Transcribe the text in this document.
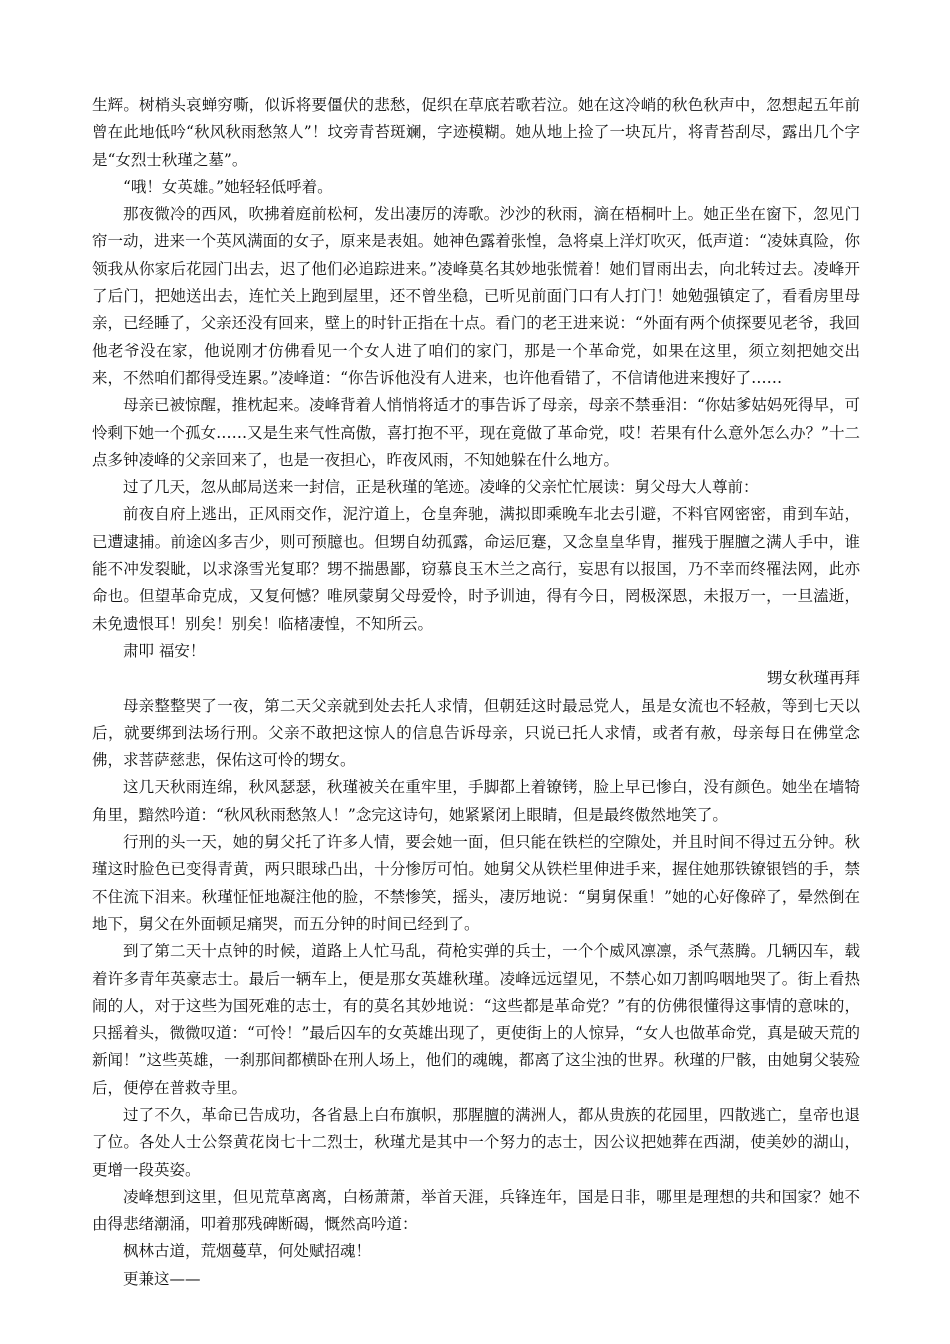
生辉。树梢头哀蝉穷嘶，似诉将要僵伏的悲愁，促织在草底若歌若泣。她在这冷峭的秋色秋声中，忽想起五年前曾在此地低吟“秋风秋雨愁煞人”！坟旁青苔斑斓，字迹模糊。她从地上捡了一块瓦片，将青苔刮尽，露出几个字是“女烈士秋瑾之墓”。

“哦！女英雄。”她轻轻低呼着。

那夜微冷的西风，吹拂着庭前松柯，发出凄厉的涛歌。沙沙的秋雨，滴在梧桐叶上。她正坐在窗下，忽见门帘一动，进来一个英风满面的女子，原来是表姐。她神色露着张惶，急将桌上洋灯吹灭，低声道：“凌妹真险，你领我从你家后花园门出去，迟了他们必追踪进来。”凌峰莫名其妙地张慌着！她们冒雨出去，向北转过去。凌峰开了后门，把她送出去，连忙关上跑到屋里，还不曾坐稳，已听见前面门口有人打门！她勉强镇定了，看看房里母亲，已经睡了，父亲还没有回来，壁上的时针正指在十点。看门的老王进来说：“外面有两个侦探要见老爷，我回他老爷没在家，他说刚才仿佛看见一个女人进了咱们的家门，那是一个革命党，如果在这里，须立刻把她交出来，不然咱们都得受连累。”凌峰道：“你告诉他没有人进来，也许他看错了，不信请他进来搜好了……

母亲已被惊醒，推枕起来。凌峰背着人悄悄将适才的事告诉了母亲，母亲不禁垂泪：“你姑爹姑妈死得早，可怜剩下她一个孤女……又是生来气性高傲，喜打抱不平，现在竟做了革命党，哎！若果有什么意外怎么办？”十二点多钟凌峰的父亲回来了，也是一夜担心，昨夜风雨，不知她躲在什么地方。

过了几天，忽从邮局送来一封信，正是秋瑾的笔迹。凌峰的父亲忙忙展读：舅父母大人尊前：

前夜自府上逃出，正风雨交作，泥泞道上，仓皇奔驰，满拟即乘晚车北去引避，不料官网密密，甫到车站，已遭逮捕。前途凶多吉少，则可预臆也。但甥自幼孤露，命运厄蹇，又念皇皇华胄，摧残于腥膻之满人手中，谁能不冲发裂眦，以求涤雪光复耶？甥不揣愚鄙，窃慕良玉木兰之高行，妄思有以报国，乃不幸而终罹法网，此亦命也。但望革命克成，又复何憾？唯夙蒙舅父母爱怜，时予训迪，得有今日，罔极深恩，未报万一，一旦溘逝，未免遗恨耳！别矣！别矣！临楮凄惶，不知所云。

肃叩 福安！

甥女秋瑾再拜

母亲整整哭了一夜，第二天父亲就到处去托人求情，但朝廷这时最忌党人，虽是女流也不轻赦，等到七天以后，就要绑到法场行刑。父亲不敢把这惊人的信息告诉母亲，只说已托人求情，或者有赦，母亲每日在佛堂念佛，求菩萨慈悲，保佑这可怜的甥女。

这几天秋雨连绵，秋风瑟瑟，秋瑾被关在重牢里，手脚都上着镣铐，脸上早已惨白，没有颜色。她坐在墙犄角里，黯然吟道：“秋风秋雨愁煞人！”念完这诗句，她紧紧闭上眼睛，但是最终傲然地笑了。

行刑的头一天，她的舅父托了许多人情，要会她一面，但只能在铁栏的空隙处，并且时间不得过五分钟。秋瑾这时脸色已变得青黄，两只眼球凸出，十分惨厉可怕。她舅父从铁栏里伸进手来，握住她那铁镣银铛的手，禁不住流下泪来。秋瑾怔怔地凝注他的脸，不禁惨笑，摇头，凄厉地说：“舅舅保重！”她的心好像碎了，晕然倒在地下，舅父在外面顿足痛哭，而五分钟的时间已经到了。

到了第二天十点钟的时候，道路上人忙马乱，荷枪实弹的兵士，一个个威风凛凛，杀气蒸腾。几辆囚车，载着许多青年英豪志士。最后一辆车上，便是那女英雄秋瑾。凌峰远远望见，不禁心如刀割呜咽地哭了。街上看热闹的人，对于这些为国死难的志士，有的莫名其妙地说：“这些都是革命党？”有的仿佛很懂得这事情的意味的，只摇着头，微微叹道：“可怜！”最后囚车的女英雄出现了，更使街上的人惊异，“女人也做革命党，真是破天荒的新闻！”这些英雄，一刹那间都横卧在刑人场上，他们的魂魄，都离了这尘浊的世界。秋瑾的尸骸，由她舅父装殓后，便停在普救寺里。

过了不久，革命已告成功，各省悬上白布旗帜，那腥膻的满洲人，都从贵族的花园里，四散逃亡，皇帝也退了位。各处人士公祭黄花岗七十二烈士，秋瑾尤是其中一个努力的志士，因公议把她葬在西湖，使美妙的湖山，更增一段英姿。

凌峰想到这里，但见荒草离离，白杨萧萧，举首天涯，兵锋连年，国是日非，哪里是理想的共和国家？她不由得悲绪潮涌，叩着那残碑断碣，慨然高吟道：

枫林古道，荒烟蔓草，何处赋招魂！

更兼这——
